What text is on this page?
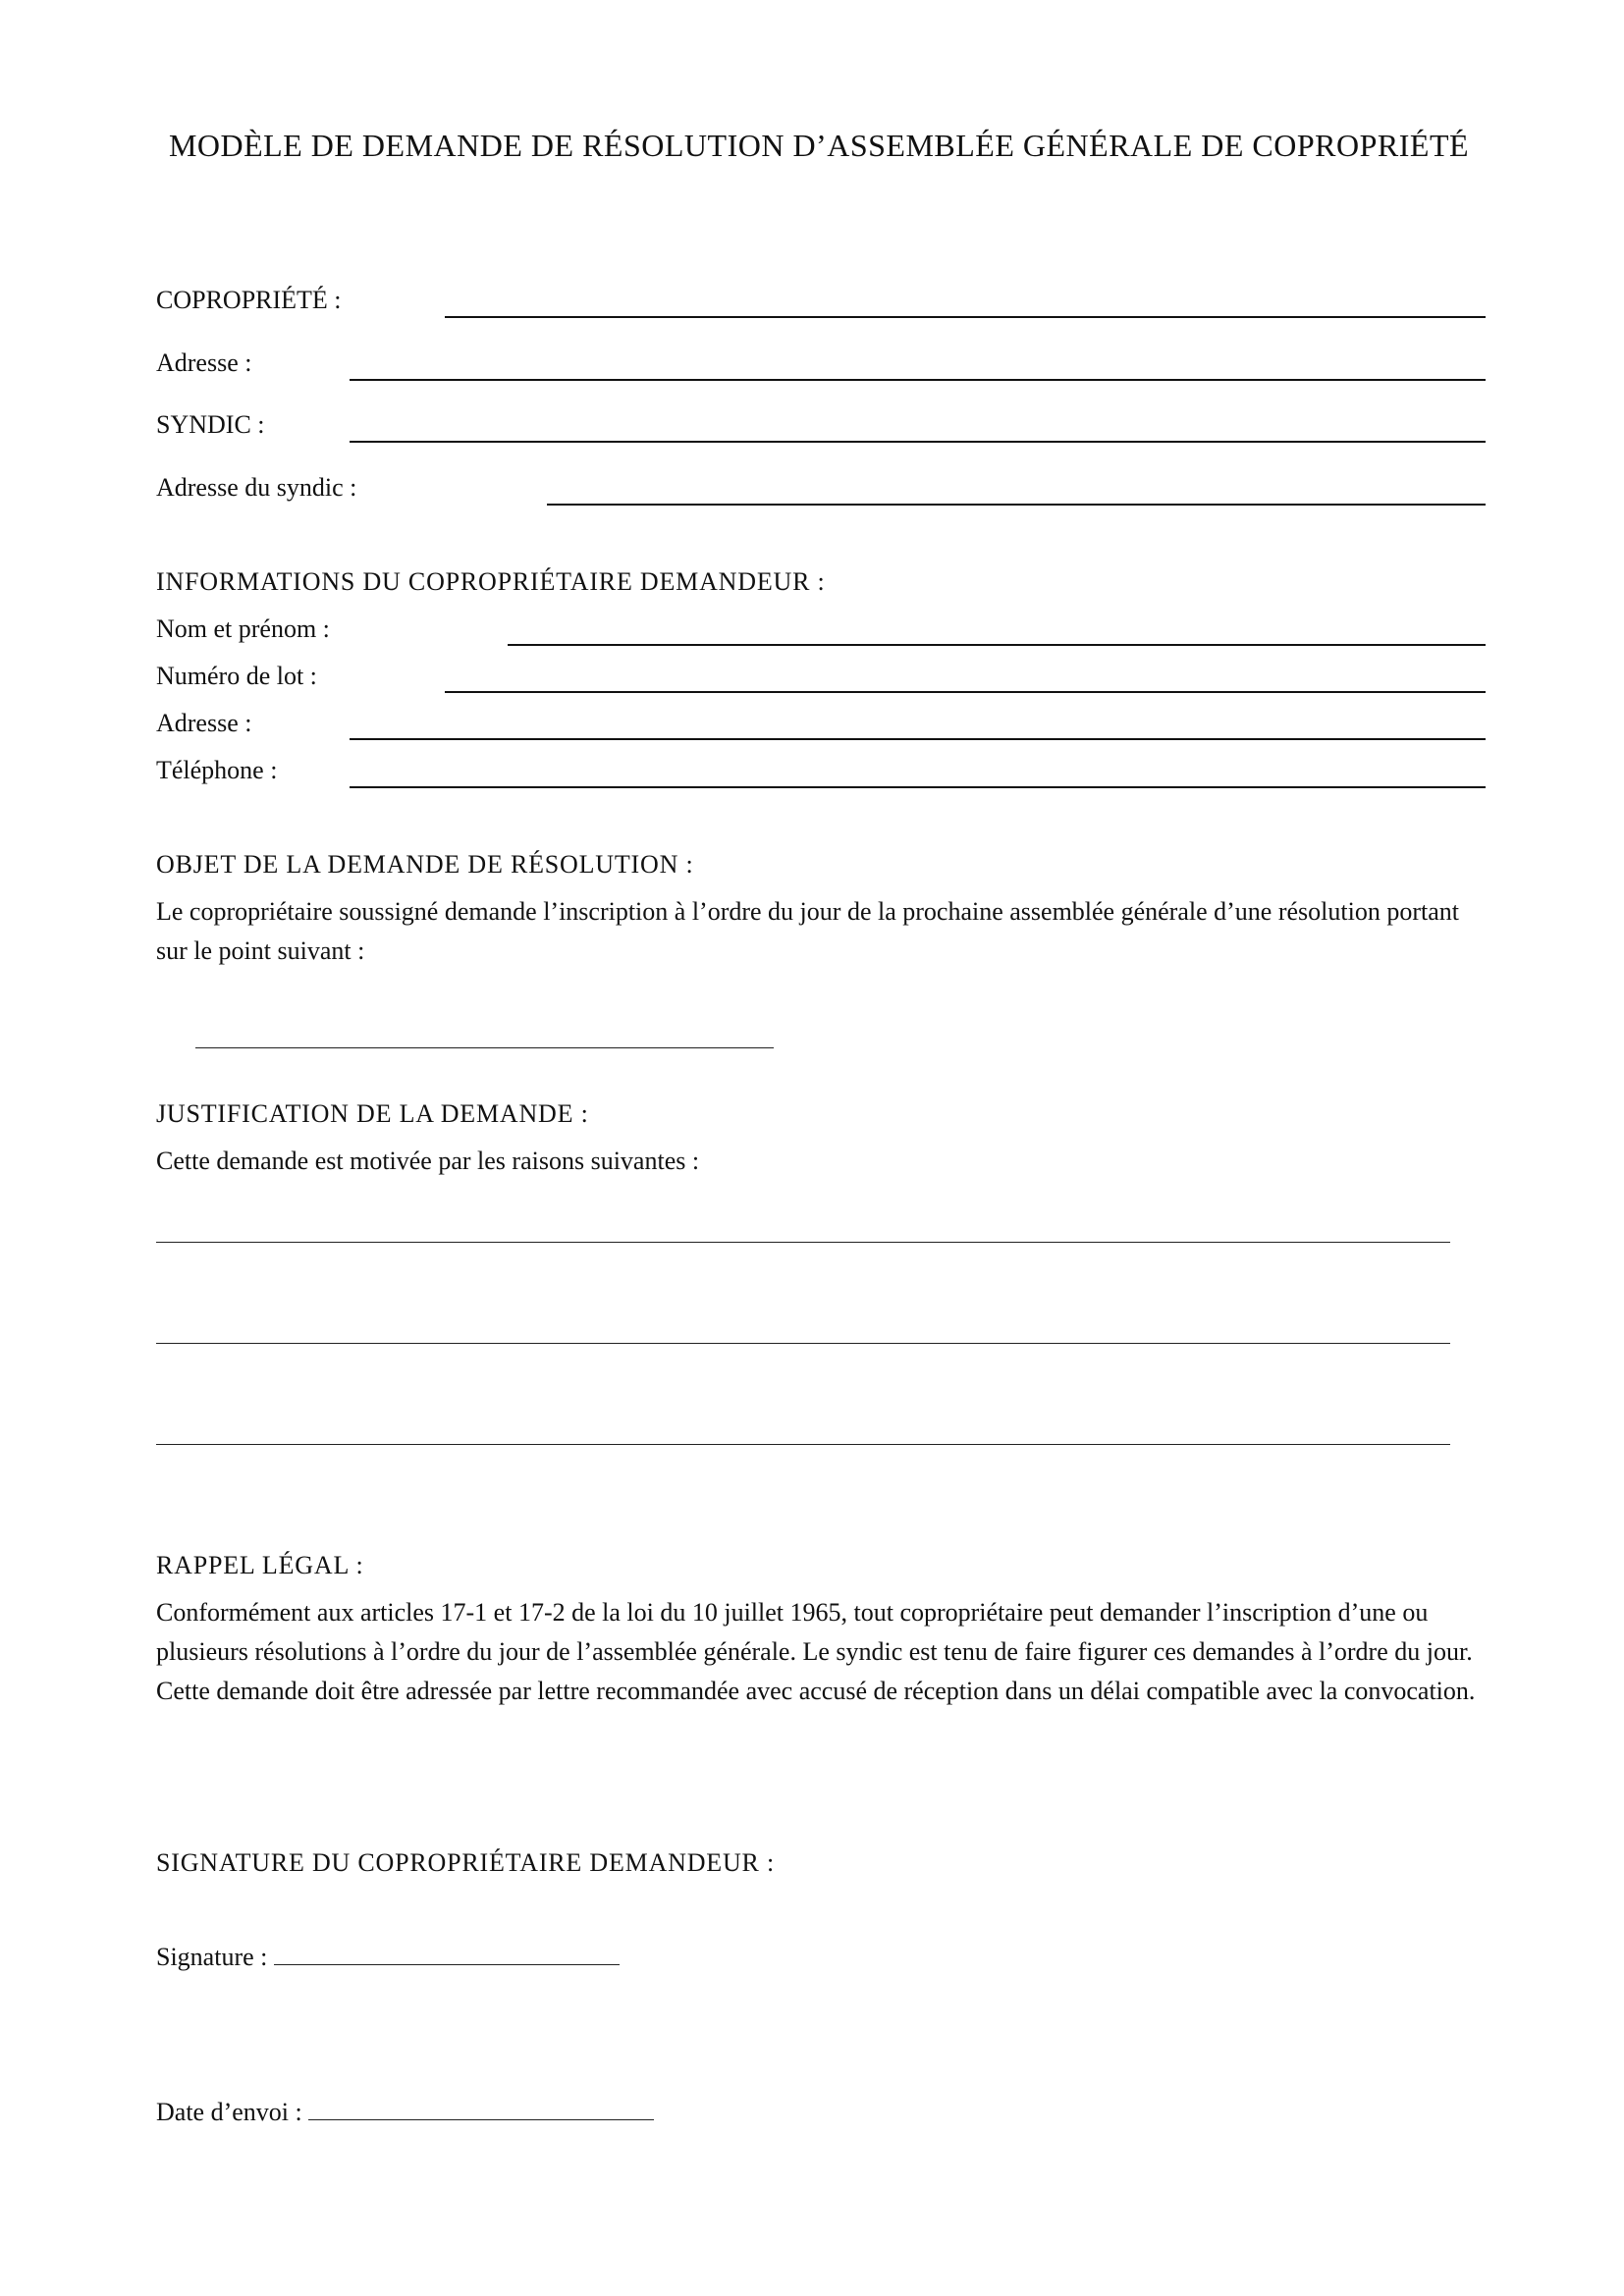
MODÈLE DE DEMANDE DE RÉSOLUTION D’ASSEMBLÉE GÉNÉRALE DE COPROPRIÉTÉ
COPROPRIÉTÉ :
Adresse :
SYNDIC :
Adresse du syndic :
INFORMATIONS DU COPROPRIÉTAIRE DEMANDEUR :
Nom et prénom :
Numéro de lot :
Adresse :
Téléphone :
OBJET DE LA DEMANDE DE RÉSOLUTION :
Le copropriétaire soussigné demande l’inscription à l’ordre du jour de la prochaine assemblée générale d’une résolution portant sur le point suivant :
JUSTIFICATION DE LA DEMANDE :
Cette demande est motivée par les raisons suivantes :
RAPPEL LÉGAL :
Conformément aux articles 17-1 et 17-2 de la loi du 10 juillet 1965, tout copropriétaire peut demander l’inscription d’une ou plusieurs résolutions à l’ordre du jour de l’assemblée générale. Le syndic est tenu de faire figurer ces demandes à l’ordre du jour. Cette demande doit être adressée par lettre recommandée avec accusé de réception dans un délai compatible avec la convocation.
SIGNATURE DU COPROPRIÉTAIRE DEMANDEUR :
Signature :
Date d’envoi :
